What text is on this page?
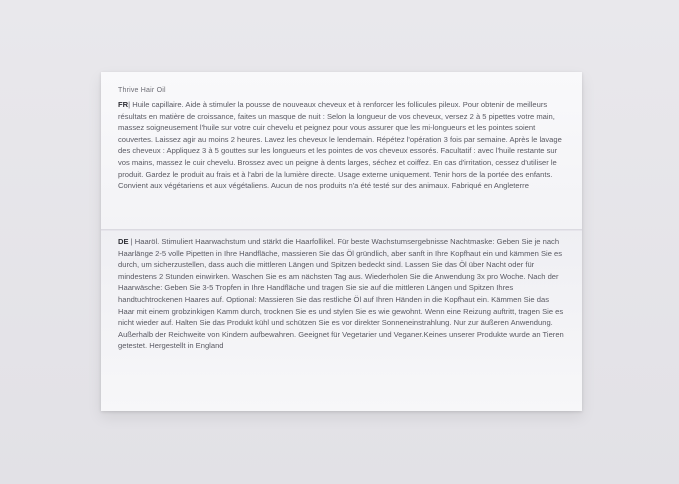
Thrive Hair Oil
FR| Huile capillaire. Aide à stimuler la pousse de nouveaux cheveux et à renforcer les follicules pileux. Pour obtenir de meilleurs résultats en matière de croissance, faites un masque de nuit : Selon la longueur de vos cheveux, versez 2 à 5 pipettes votre main, massez soigneusement l'huile sur votre cuir chevelu et peignez pour vous assurer que les mi-longueurs et les pointes soient couvertes. Laissez agir au moins 2 heures. Lavez les cheveux le lendemain. Répétez l'opération 3 fois par semaine. Après le lavage des cheveux : Appliquez 3 à 5 gouttes sur les longueurs et les pointes de vos cheveux essorés. Facultatif : avec l'huile restante sur vos mains, massez le cuir chevelu. Brossez avec un peigne à dents larges, séchez et coiffez. En cas d'irritation, cessez d'utiliser le produit. Gardez le produit au frais et à l'abri de la lumière directe. Usage externe uniquement. Tenir hors de la portée des enfants. Convient aux végétariens et aux végétaliens. Aucun de nos produits n'a été testé sur des animaux. Fabriqué en Angleterre
DE | Haaröl. Stimuliert Haarwachstum und stärkt die Haarfollikel. Für beste Wachstumsergebnisse Nachtmaske: Geben Sie je nach Haarlänge 2-5 volle Pipetten in Ihre Handfläche, massieren Sie das Öl gründlich, aber sanft in Ihre Kopfhaut ein und kämmen Sie es durch, um sicherzustellen, dass auch die mittleren Längen und Spitzen bedeckt sind. Lassen Sie das Öl über Nacht oder für mindestens 2 Stunden einwirken. Waschen Sie es am nächsten Tag aus. Wiederholen Sie die Anwendung 3x pro Woche. Nach der Haarwäsche: Geben Sie 3-5 Tropfen in Ihre Handfläche und tragen Sie sie auf die mittleren Längen und Spitzen Ihres handtuchtrockenen Haares auf. Optional: Massieren Sie das restliche Öl auf Ihren Händen in die Kopfhaut ein. Kämmen Sie das Haar mit einem grobzinkigen Kamm durch, trocknen Sie es und stylen Sie es wie gewohnt. Wenn eine Reizung auftritt, tragen Sie es nicht wieder auf. Halten Sie das Produkt kühl und schützen Sie es vor direkter Sonneneinstrahlung. Nur zur äußeren Anwendung. Außerhalb der Reichweite von Kindern aufbewahren. Geeignet für Vegetarier und Veganer.Keines unserer Produkte wurde an Tieren getestet. Hergestellt in England
